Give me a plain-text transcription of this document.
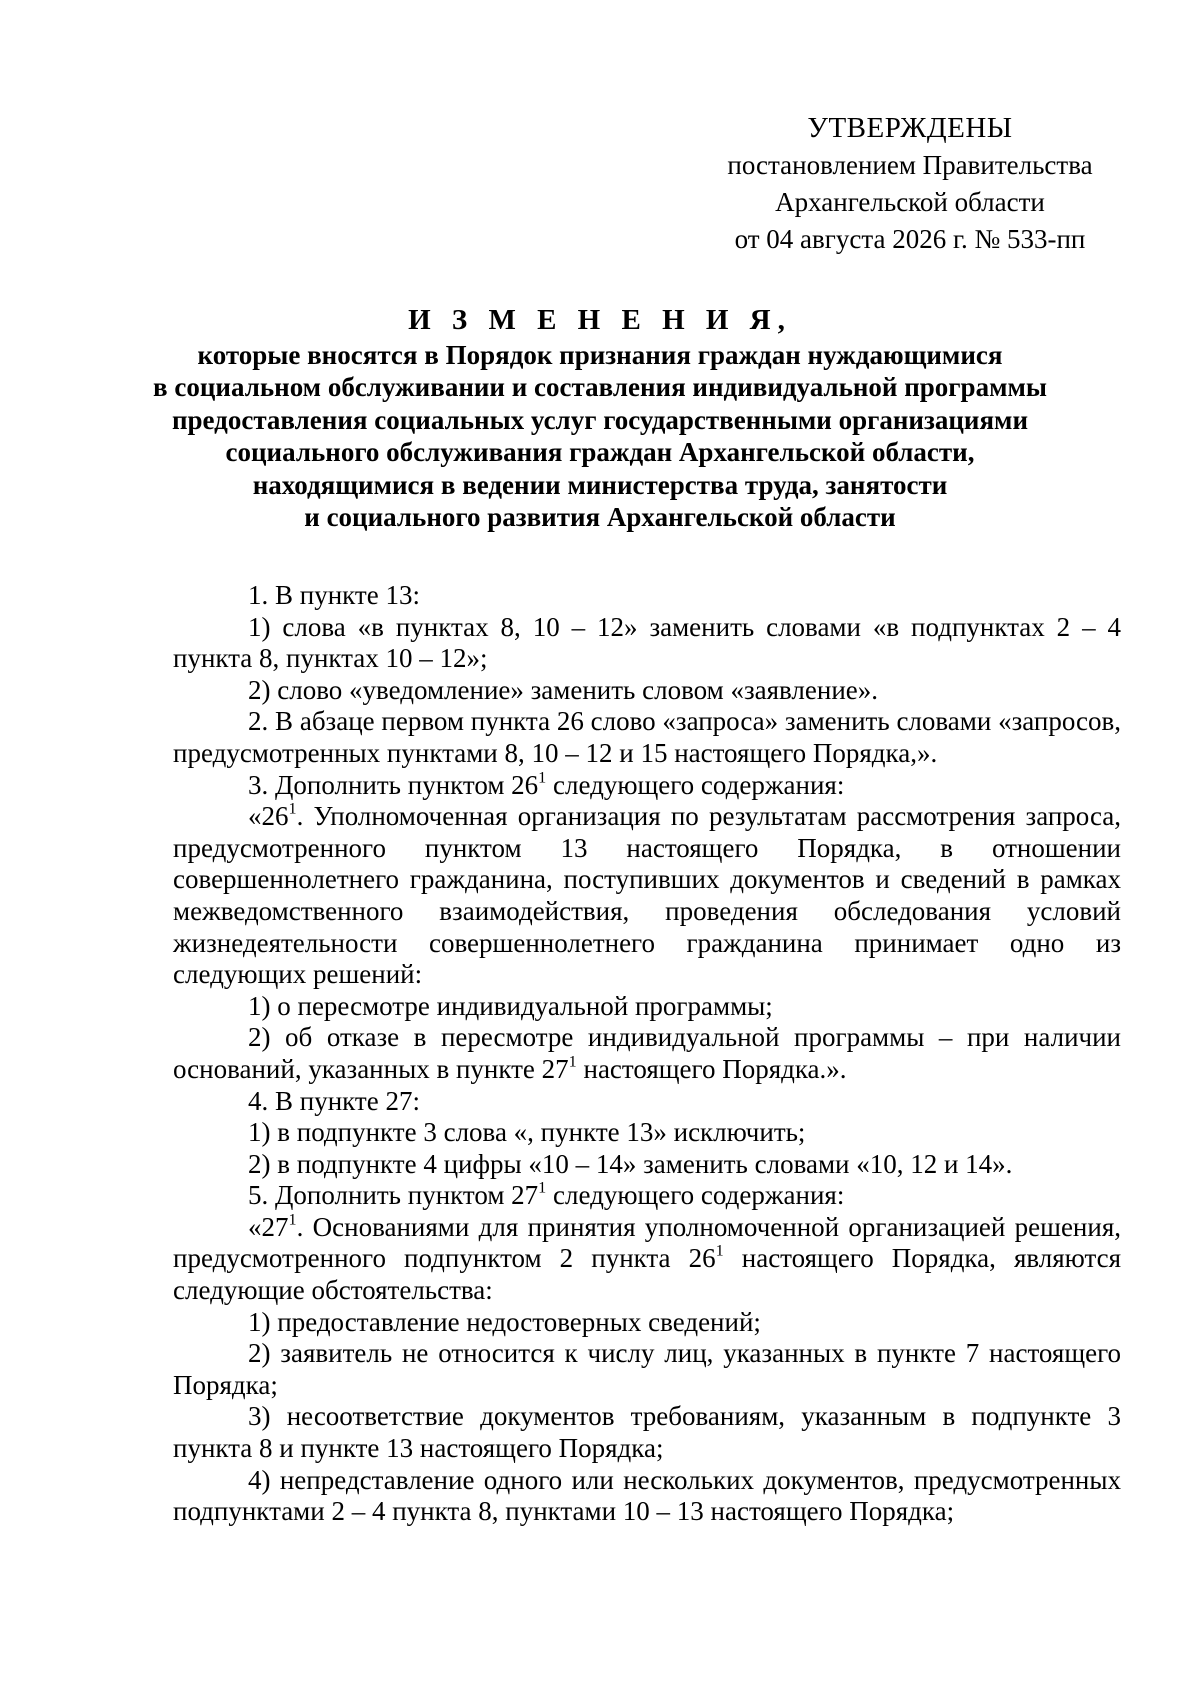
УТВЕРЖДЕНЫ
постановлением Правительства
Архангельской области
от 04 августа 2026 г. № 533-пп
И З М Е Н Е Н И Я,
которые вносятся в Порядок признания граждан нуждающимися
в социальном обслуживании и составления индивидуальной программы
предоставления социальных услуг государственными организациями
социального обслуживания граждан Архангельской области,
находящимися в ведении министерства труда, занятости
и социального развития Архангельской области

1. В пункте 13:

1) слова «в пунктах 8, 10 – 12» заменить словами «в подпунктах 2 – 4 пункта 8, пунктах 10 – 12»;

2) слово «уведомление» заменить словом «заявление».

2. В абзаце первом пункта 26 слово «запроса» заменить словами «запросов, предусмотренных пунктами 8, 10 – 12 и 15 настоящего Порядка,».

3. Дополнить пунктом $26^1$ следующего содержания:

«$26^1$. Уполномоченная организация по результатам рассмотрения запроса, предусмотренного пунктом 13 настоящего Порядка, в отношении совершеннолетнего гражданина, поступивших документов и сведений в рамках межведомственного взаимодействия, проведения обследования условий жизнедеятельности совершеннолетнего гражданина принимает одно из следующих решений:

1) о пересмотре индивидуальной программы;

2) об отказе в пересмотре индивидуальной программы – при наличии оснований, указанных в пункте $27^1$ настоящего Порядка.».

4. В пункте 27:

1) в подпункте 3 слова «, пункте 13» исключить;

2) в подпункте 4 цифры «10 – 14» заменить словами «10, 12 и 14».

5. Дополнить пунктом $27^1$ следующего содержания:

«$27^1$. Основаниями для принятия уполномоченной организацией решения, предусмотренного подпунктом 2 пункта $26^1$ настоящего Порядка, являются следующие обстоятельства:

1) предоставление недостоверных сведений;

2) заявитель не относится к числу лиц, указанных в пункте 7 настоящего Порядка;

3) несоответствие документов требованиям, указанным в подпункте 3 пункта 8 и пункте 13 настоящего Порядка;

4) непредставление одного или нескольких документов, предусмотренных подпунктами 2 – 4 пункта 8, пунктами 10 – 13 настоящего Порядка;
